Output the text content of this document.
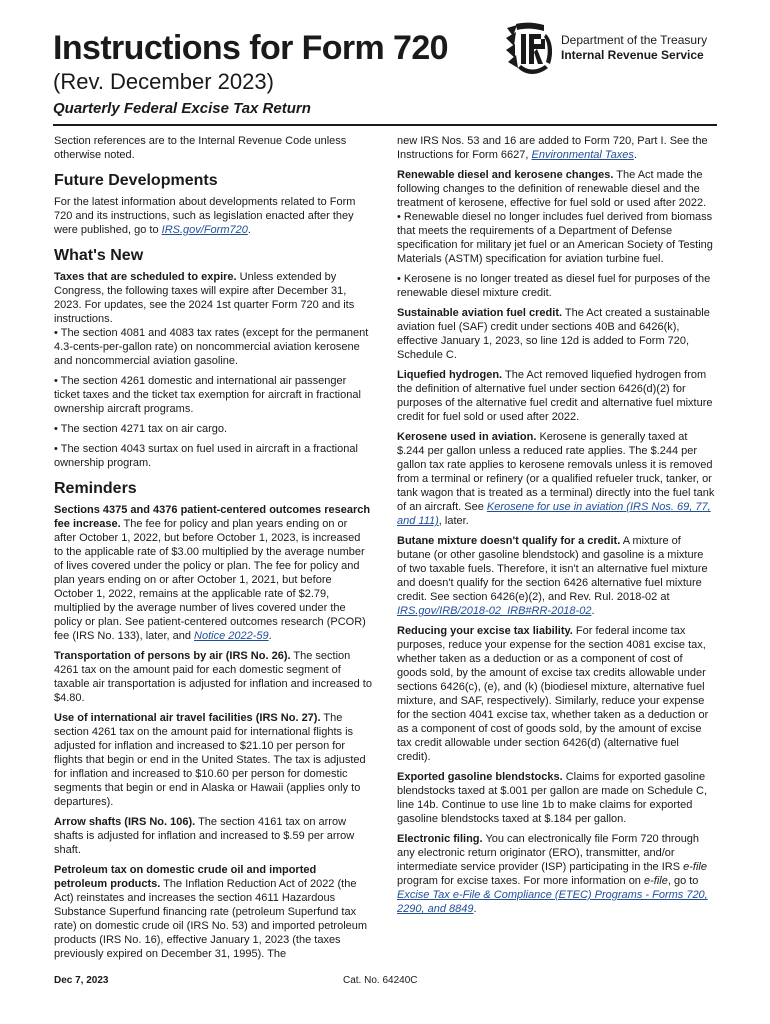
Instructions for Form 720

(Rev. December 2023)

Quarterly Federal Excise Tax Return

Department of the Treasury
Internal Revenue Service

Section references are to the Internal Revenue Code unless otherwise noted.

Future Developments

For the latest information about developments related to Form 720 and its instructions, such as legislation enacted after they were published, go to IRS.gov/Form720.

What's New

Taxes that are scheduled to expire. Unless extended by Congress, the following taxes will expire after December 31, 2023. For updates, see the 2024 1st quarter Form 720 and its instructions.

• The section 4081 and 4083 tax rates (except for the permanent 4.3-cents-per-gallon rate) on noncommercial aviation kerosene and noncommercial aviation gasoline.

• The section 4261 domestic and international air passenger ticket taxes and the ticket tax exemption for aircraft in fractional ownership aircraft programs.

• The section 4271 tax on air cargo.

• The section 4043 surtax on fuel used in aircraft in a fractional ownership program.

Reminders

Sections 4375 and 4376 patient-centered outcomes research fee increase. The fee for policy and plan years ending on or after October 1, 2022, but before October 1, 2023, is increased to the applicable rate of $3.00 multiplied by the average number of lives covered under the policy or plan. The fee for policy and plan years ending on or after October 1, 2021, but before October 1, 2022, remains at the applicable rate of $2.79, multiplied by the average number of lives covered under the policy or plan. See patient-centered outcomes research (PCOR) fee (IRS No. 133), later, and Notice 2022-59.

Transportation of persons by air (IRS No. 26). The section 4261 tax on the amount paid for each domestic segment of taxable air transportation is adjusted for inflation and increased to $4.80.

Use of international air travel facilities (IRS No. 27). The section 4261 tax on the amount paid for international flights is adjusted for inflation and increased to $21.10 per person for flights that begin or end in the United States. The tax is adjusted for inflation and increased to $10.60 per person for domestic segments that begin or end in Alaska or Hawaii (applies only to departures).

Arrow shafts (IRS No. 106). The section 4161 tax on arrow shafts is adjusted for inflation and increased to $.59 per arrow shaft.

Petroleum tax on domestic crude oil and imported petroleum products. The Inflation Reduction Act of 2022 (the Act) reinstates and increases the section 4611 Hazardous Substance Superfund financing rate (petroleum Superfund tax rate) on domestic crude oil (IRS No. 53) and imported petroleum products (IRS No. 16), effective January 1, 2023 (the taxes previously expired on December 31, 1995). The

new IRS Nos. 53 and 16 are added to Form 720, Part I. See the Instructions for Form 6627, Environmental Taxes.

Renewable diesel and kerosene changes. The Act made the following changes to the definition of renewable diesel and the treatment of kerosene, effective for fuel sold or used after 2022.

• Renewable diesel no longer includes fuel derived from biomass that meets the requirements of a Department of Defense specification for military jet fuel or an American Society of Testing Materials (ASTM) specification for aviation turbine fuel.

• Kerosene is no longer treated as diesel fuel for purposes of the renewable diesel mixture credit.

Sustainable aviation fuel credit. The Act created a sustainable aviation fuel (SAF) credit under sections 40B and 6426(k), effective January 1, 2023, so line 12d is added to Form 720, Schedule C.

Liquefied hydrogen. The Act removed liquefied hydrogen from the definition of alternative fuel under section 6426(d)(2) for purposes of the alternative fuel credit and alternative fuel mixture credit for fuel sold or used after 2022.

Kerosene used in aviation. Kerosene is generally taxed at $.244 per gallon unless a reduced rate applies. The $.244 per gallon tax rate applies to kerosene removals unless it is removed from a terminal or refinery (or a qualified refueler truck, tanker, or tank wagon that is treated as a terminal) directly into the fuel tank of an aircraft. See Kerosene for use in aviation (IRS Nos. 69, 77, and 111), later.

Butane mixture doesn't qualify for a credit. A mixture of butane (or other gasoline blendstock) and gasoline is a mixture of two taxable fuels. Therefore, it isn't an alternative fuel mixture and doesn't qualify for the section 6426 alternative fuel mixture credit. See section 6426(e)(2), and Rev. Rul. 2018-02 at IRS.gov/IRB/2018-02_IRB#RR-2018-02.

Reducing your excise tax liability. For federal income tax purposes, reduce your expense for the section 4081 excise tax, whether taken as a deduction or as a component of cost of goods sold, by the amount of excise tax credits allowable under sections 6426(c), (e), and (k) (biodiesel mixture, alternative fuel mixture, and SAF, respectively). Similarly, reduce your expense for the section 4041 excise tax, whether taken as a deduction or as a component of cost of goods sold, by the amount of excise tax credit allowable under section 6426(d) (alternative fuel credit).

Exported gasoline blendstocks. Claims for exported gasoline blendstocks taxed at $.001 per gallon are made on Schedule C, line 14b. Continue to use line 1b to make claims for exported gasoline blendstocks taxed at $.184 per gallon.

Electronic filing. You can electronically file Form 720 through any electronic return originator (ERO), transmitter, and/or intermediate service provider (ISP) participating in the IRS e-file program for excise taxes. For more information on e-file, go to Excise Tax e-File & Compliance (ETEC) Programs - Forms 720, 2290, and 8849.

Dec 7, 2023	Cat. No. 64240C
